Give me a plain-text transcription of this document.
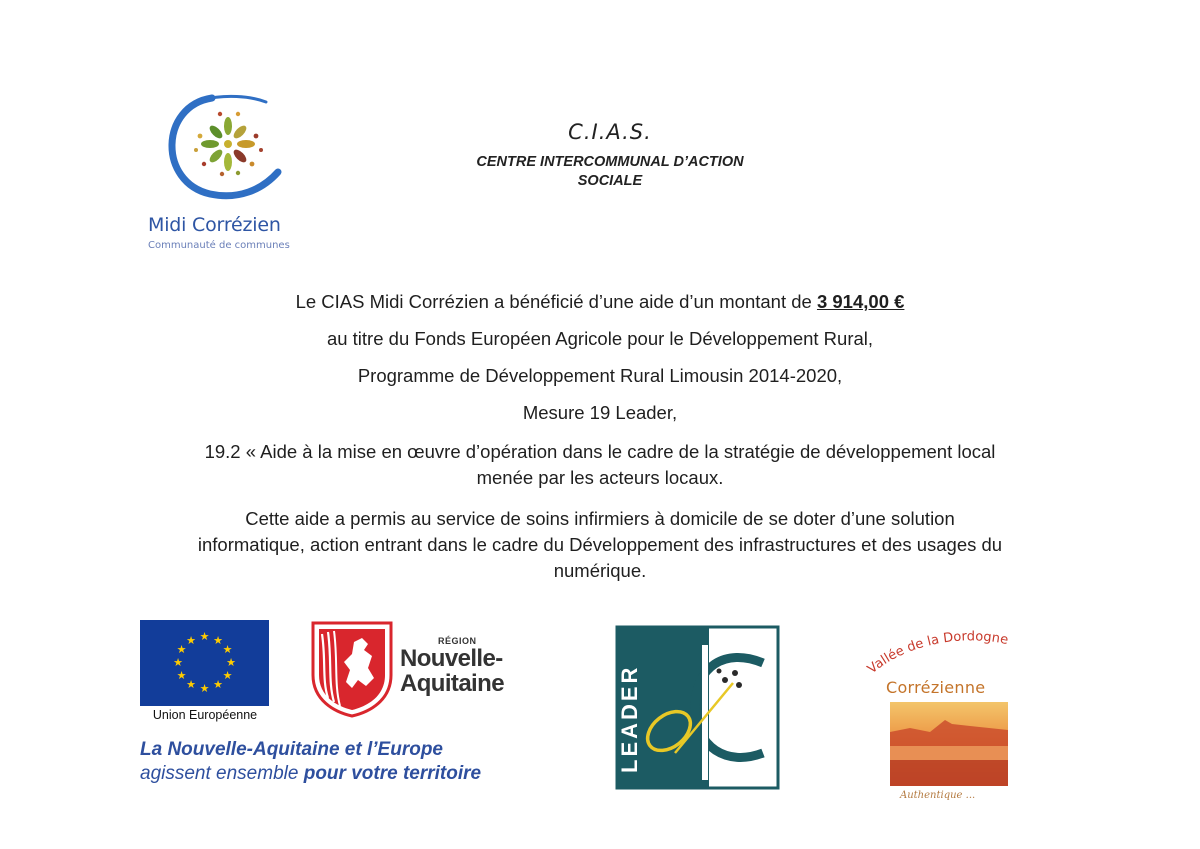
Midi Corrézien
Communauté de communes
C.I.A.S.
CENTRE INTERCOMMUNAL D’ACTION SOCIALE
Le CIAS Midi Corrézien a bénéficié d’une aide d’un montant de 3 914,00 €
au titre du Fonds Européen Agricole pour le Développement Rural,
Programme de Développement Rural Limousin 2014-2020,
Mesure 19 Leader,
19.2 « Aide à la mise en œuvre d’opération dans le cadre de la stratégie de développement local
menée par les acteurs locaux.
Cette aide a permis au service de soins infirmiers à domicile de se doter d’une solution
informatique, action entrant dans le cadre du Développement des infrastructures et des usages du
numérique.
★ ★
★
★
★
★
★
★
★
★
★
★
Union Européenne
RÉGION
Nouvelle-
Aquitaine
La Nouvelle-Aquitaine et l’Europe
agissent ensemble pour votre territoire
LEADER	Vallée de la Dordogne
Corrézienne
Authentique ...
